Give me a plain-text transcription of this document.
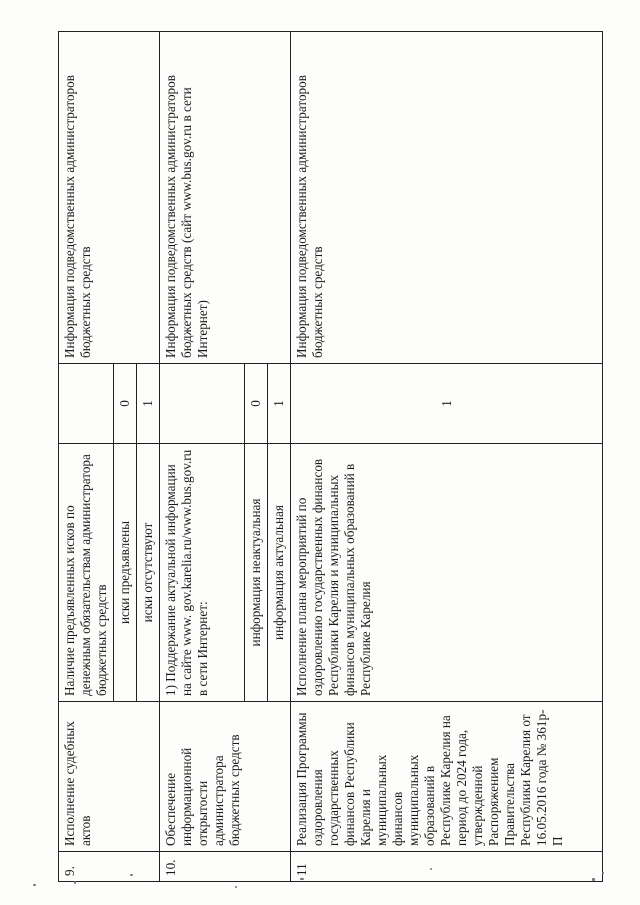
9.	Исполнение судебных актов	Наличие предъявленных исков по денежным обязательствам администратора бюджетных средств		Информация подведомственных администраторов бюджетных средств
		иски предъявлены	0	
		иски отсутствуют	1	
10.	Обеспечение информационной открытости администратора бюджетных средств	1) Поддержание актуальной информации на сайте www. gov.karelia.ru/www.bus.gov.ru в сети Интернет:		Информация подведомственных администраторов бюджетных средств (сайт www.bus.gov.ru в сети Интернет)
		информация неактуальная	0	
		информация актуальная	1	
11	Реализация Программы оздоровления государственных финансов Республики Карелия и муниципальных финансов муниципальных образований в Республике Карелия на период до 2024 года, утвержденной Распоряжением Правительства Республики Карелия от 16.05.2016 года № 361р-П	Исполнение плана мероприятий по оздоровлению государственных финансов Республики Карелия и муниципальных финансов муниципальных образований в Республике Карелия	1	Информация подведомственных администраторов бюджетных средств
